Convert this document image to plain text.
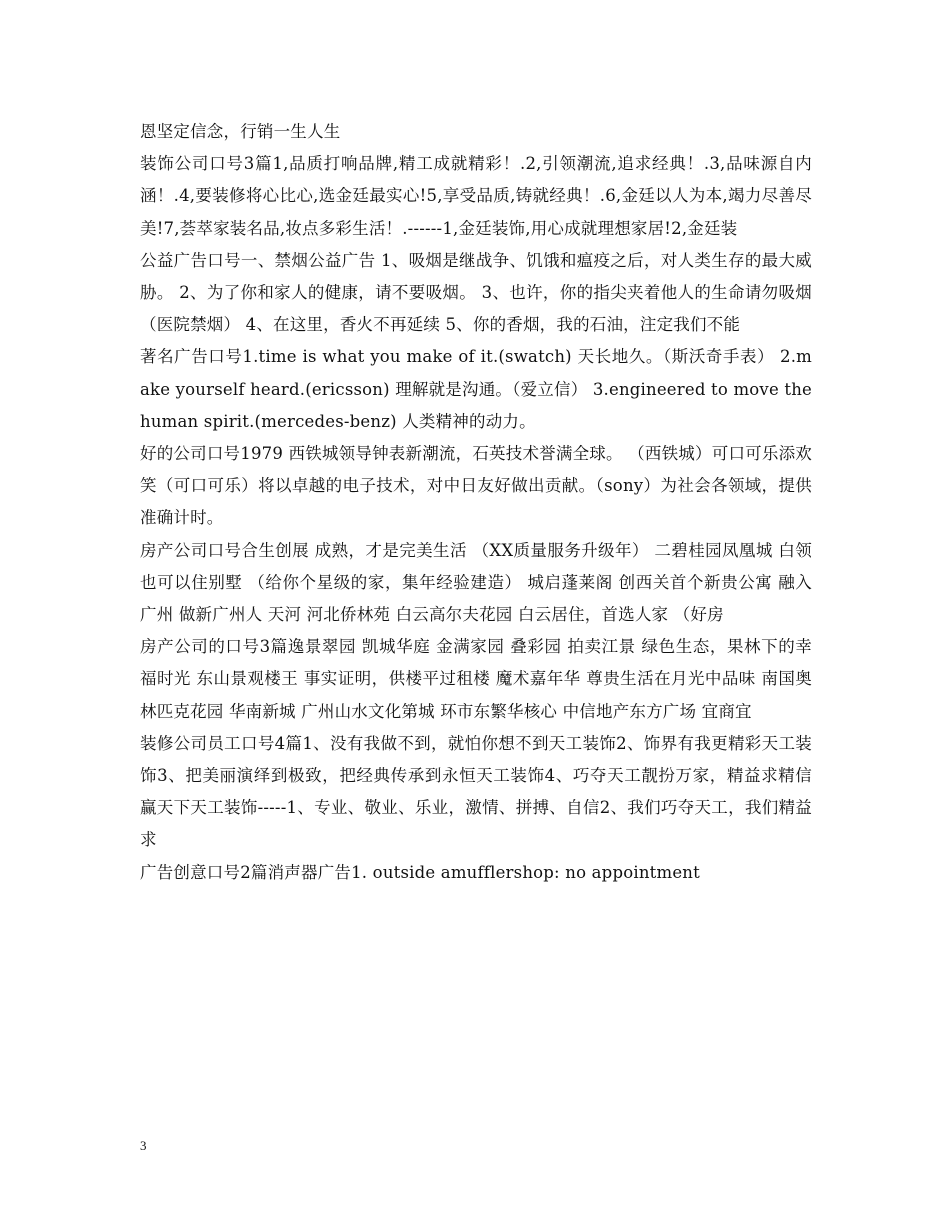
恩坚定信念，行销一生人生

装饰公司口号3篇1,品质打响品牌,精工成就精彩！.2,引领潮流,追求经典！.3,品味源自内涵！.4,要装修将心比心,选金廷最实心!5,享受品质,铸就经典！.6,金廷以人为本,竭力尽善尽美!7,荟萃家装名品,妆点多彩生活！.------1,金廷装饰,用心成就理想家居!2,金廷装

公益广告口号一、禁烟公益广告 1、吸烟是继战争、饥饿和瘟疫之后，对人类生存的最大威胁。 2、为了你和家人的健康，请不要吸烟。 3、也许，你的指尖夹着他人的生命请勿吸烟（医院禁烟） 4、在这里，香火不再延续 5、你的香烟，我的石油，注定我们不能

著名广告口号1.time is what you make of it.(swatch) 天长地久。（斯沃奇手表） 2.make yourself heard.(ericsson) 理解就是沟通。（爱立信） 3.engineered to move the human spirit.(mercedes-benz) 人类精神的动力。

好的公司口号1979 西铁城领导钟表新潮流，石英技术誉满全球。 （西铁城）可口可乐添欢笑（可口可乐）将以卓越的电子技术，对中日友好做出贡献。（sony）为社会各领域，提供准确计时。

房产公司口号合生创展 成熟，才是完美生活 （XX质量服务升级年） 二碧桂园凤凰城 白领也可以住别墅 （给你个星级的家，集年经验建造） 城启蓬莱阁 创西关首个新贵公寓 融入广州 做新广州人 天河 河北侨林苑 白云高尔夫花园 白云居住，首选人家 （好房

房产公司的口号3篇逸景翠园 凯城华庭 金满家园 叠彩园 拍卖江景 绿色生态，果林下的幸福时光 东山景观楼王 事实证明，供楼平过租楼 魔术嘉年华 尊贵生活在月光中品味 南国奥林匹克花园 华南新城 广州山水文化第城 环市东繁华核心 中信地产东方广场 宜商宜

装修公司员工口号4篇1、没有我做不到，就怕你想不到天工装饰2、饰界有我更精彩天工装饰3、把美丽演绎到极致，把经典传承到永恒天工装饰4、巧夺天工靓扮万家，精益求精信赢天下天工装饰-----1、专业、敬业、乐业，激情、拼搏、自信2、我们巧夺天工，我们精益求

广告创意口号2篇消声器广告1. outside amufflershop: no appointment

3
